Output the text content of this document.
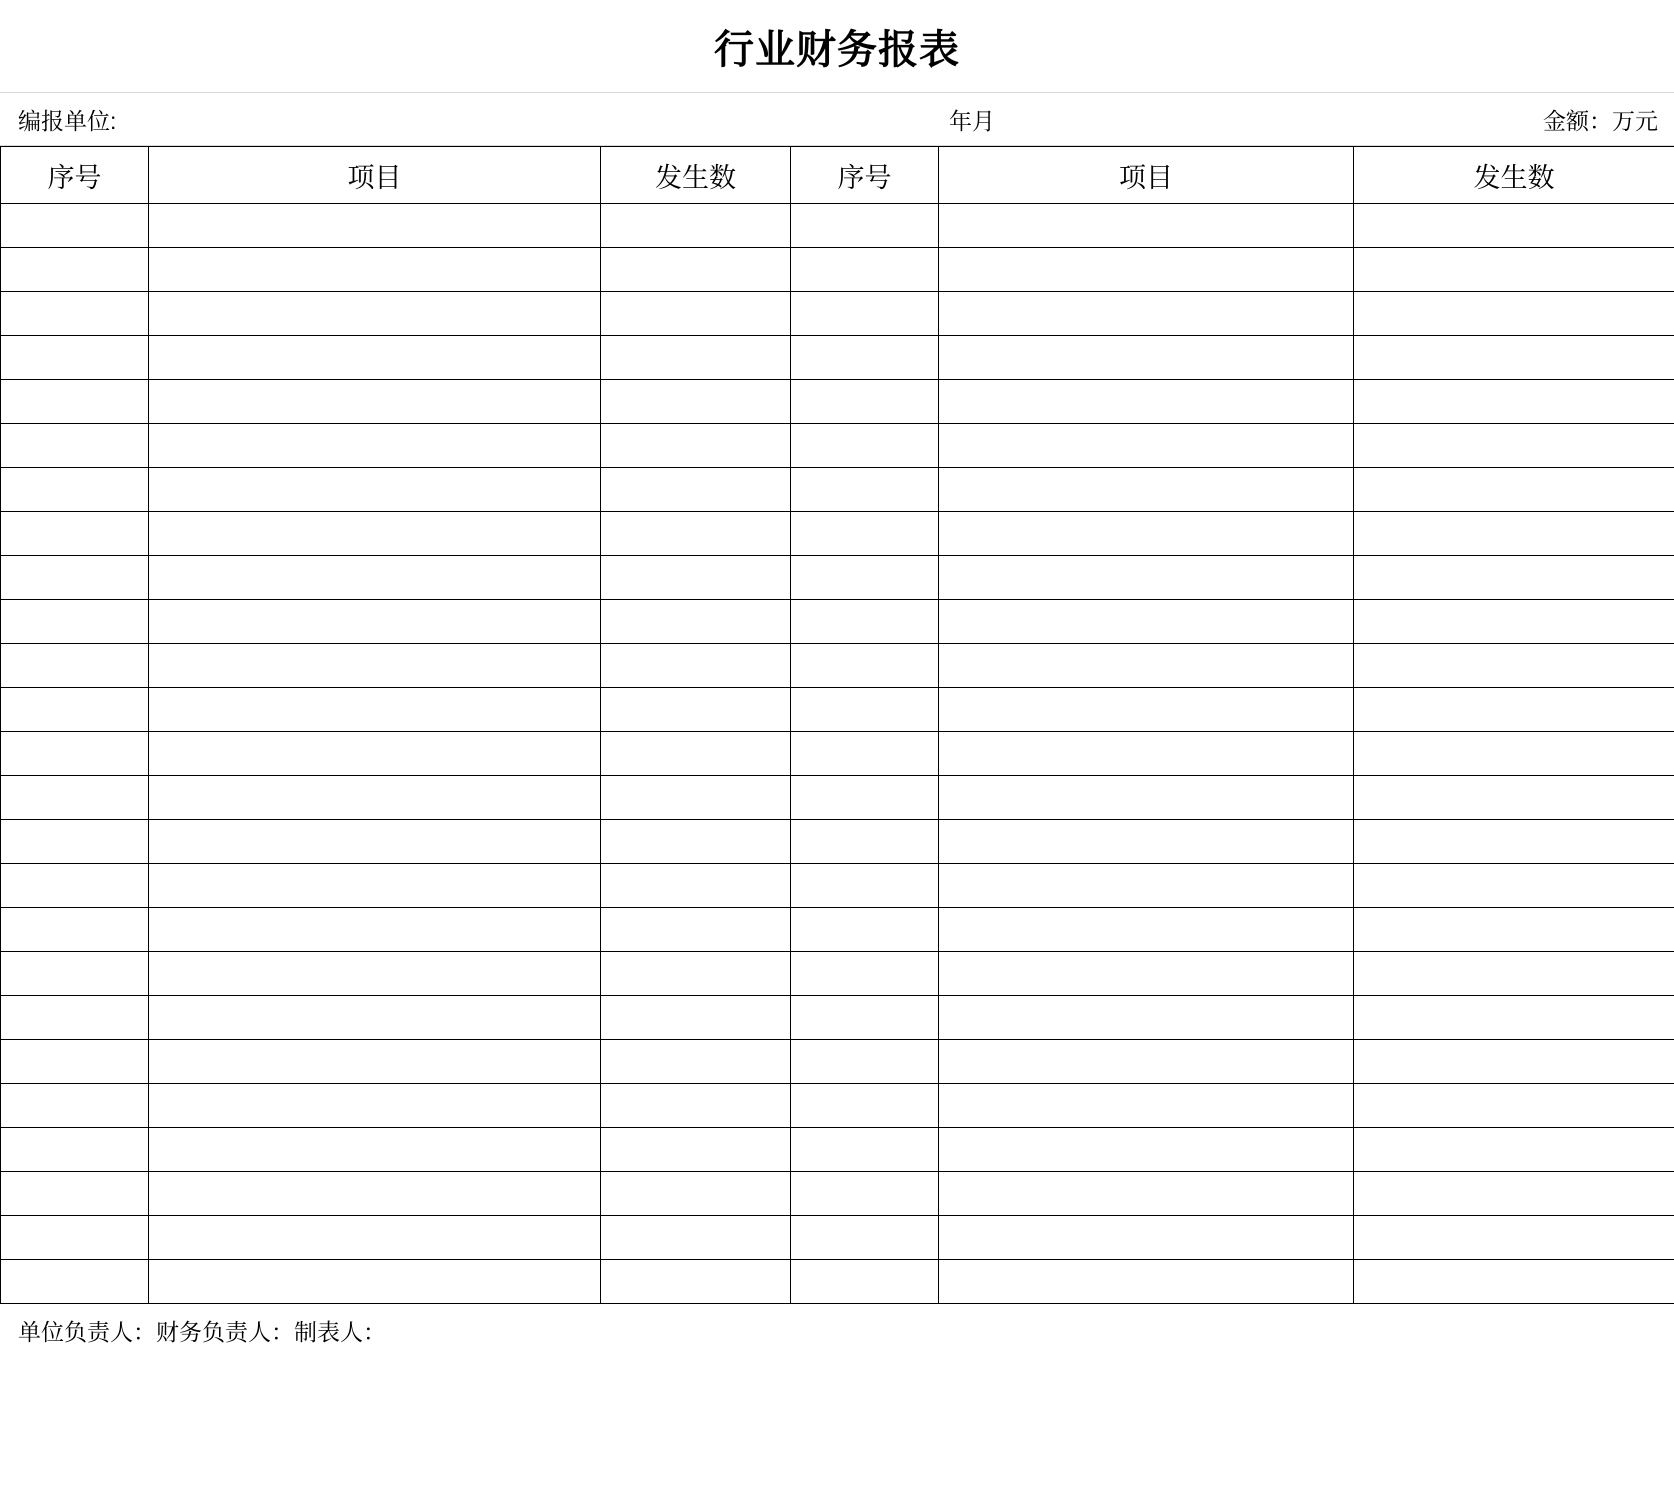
行业财务报表
编报单位:	年月	金额：万元
序号	项目	发生数	序号	项目	发生数

单位负责人：财务负责人：制表人：
